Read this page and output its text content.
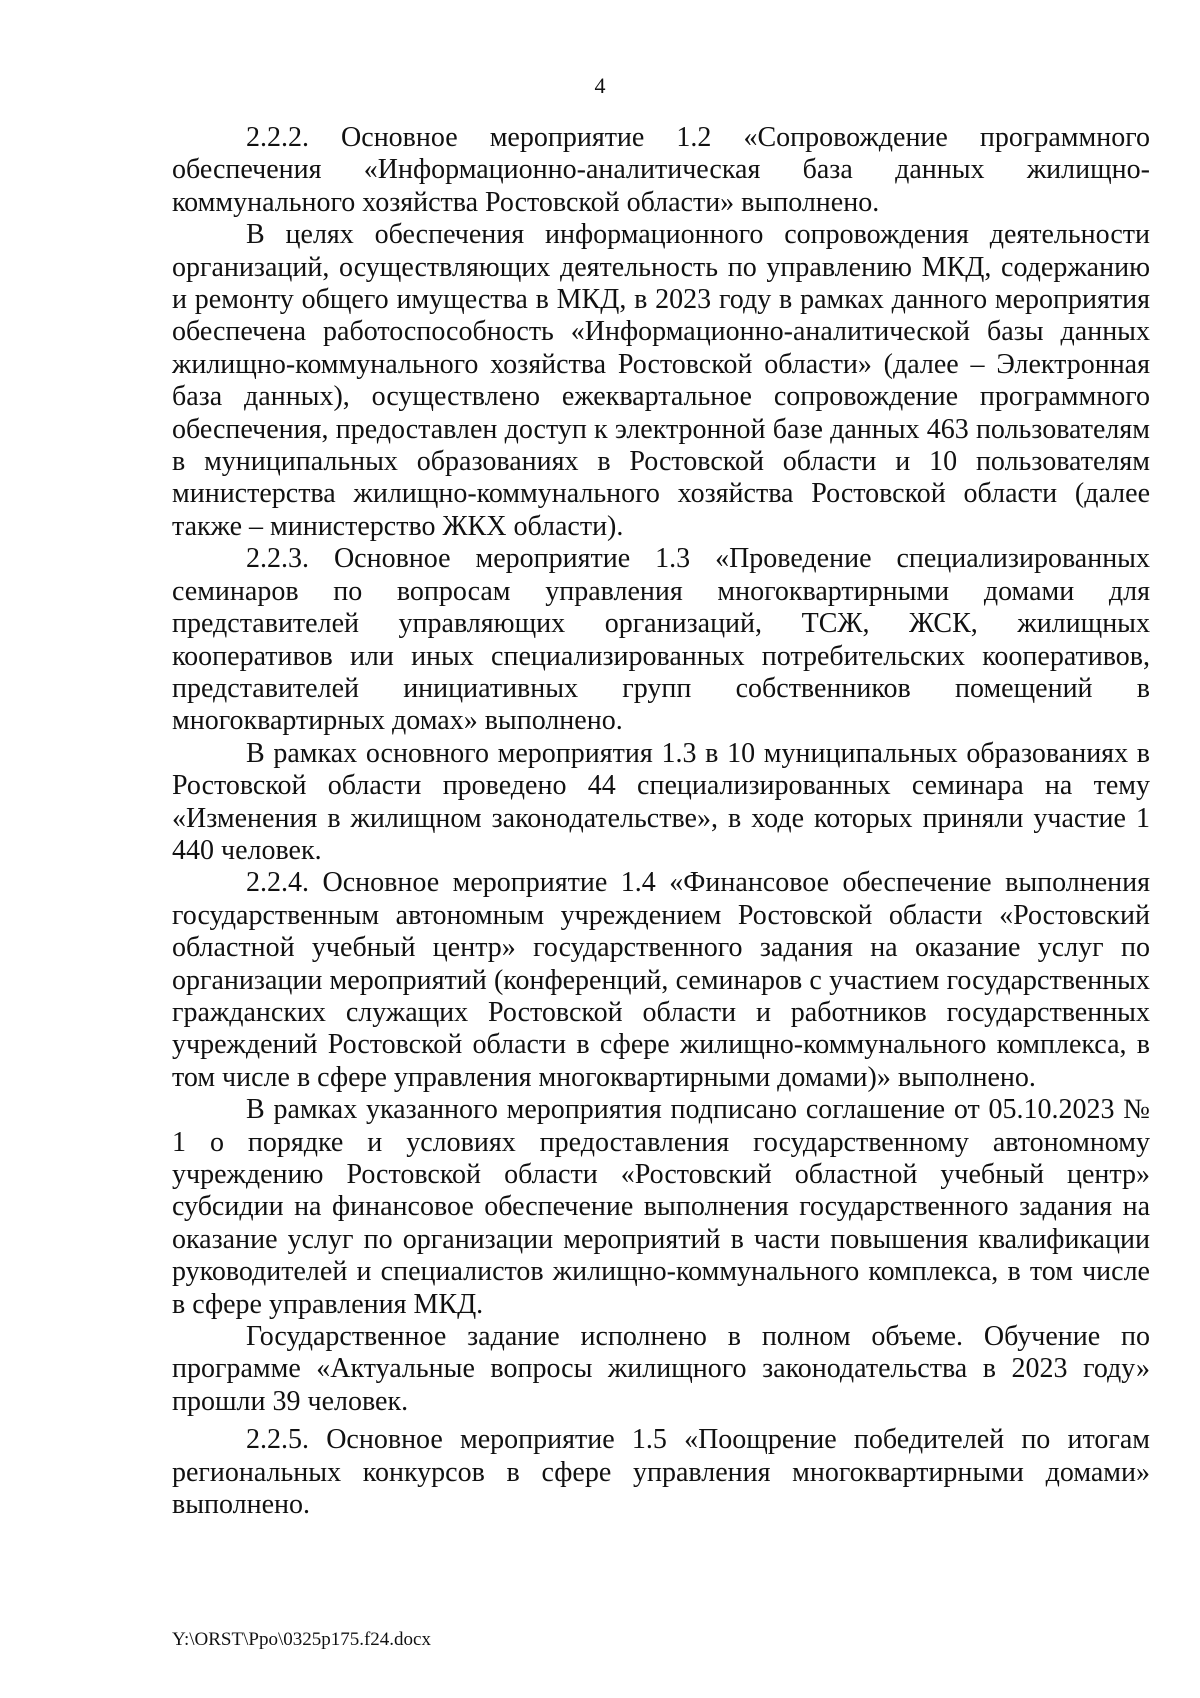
4

2.2.2. Основное мероприятие 1.2 «Сопровождение программного обеспечения «Информационно-аналитическая база данных жилищно-коммунального хозяйства Ростовской области» выполнено.

В целях обеспечения информационного сопровождения деятельности организаций, осуществляющих деятельность по управлению МКД, содержанию и ремонту общего имущества в МКД, в 2023 году в рамках данного мероприятия обеспечена работоспособность «Информационно-аналитической базы данных жилищно-коммунального хозяйства Ростовской области» (далее – Электронная база данных), осуществлено ежеквартальное сопровождение программного обеспечения, предоставлен доступ к электронной базе данных 463 пользователям в муниципальных образованиях в Ростовской области и 10 пользователям министерства жилищно-коммунального хозяйства Ростовской области (далее также – министерство ЖКХ области).

2.2.3. Основное мероприятие 1.3 «Проведение специализированных семинаров по вопросам управления многоквартирными домами для представителей управляющих организаций, ТСЖ, ЖСК, жилищных кооперативов или иных специализированных потребительских кооперативов, представителей инициативных групп собственников помещений в многоквартирных домах» выполнено.

В рамках основного мероприятия 1.3 в 10 муниципальных образованиях в Ростовской области проведено 44 специализированных семинара на тему «Изменения в жилищном законодательстве», в ходе которых приняли участие 1 440 человек.

2.2.4. Основное мероприятие 1.4 «Финансовое обеспечение выполнения государственным автономным учреждением Ростовской области «Ростовский областной учебный центр» государственного задания на оказание услуг по организации мероприятий (конференций, семинаров с участием государственных гражданских служащих Ростовской области и работников государственных учреждений Ростовской области в сфере жилищно-коммунального комплекса, в том числе в сфере управления многоквартирными домами)» выполнено.

В рамках указанного мероприятия подписано соглашение от 05.10.2023 № 1 о порядке и условиях предоставления государственному автономному учреждению Ростовской области «Ростовский областной учебный центр» субсидии на финансовое обеспечение выполнения государственного задания на оказание услуг по организации мероприятий в части повышения квалификации руководителей и специалистов жилищно-коммунального комплекса, в том числе в сфере управления МКД.

Государственное задание исполнено в полном объеме. Обучение по программе «Актуальные вопросы жилищного законодательства в 2023 году» прошли 39 человек.

2.2.5. Основное мероприятие 1.5 «Поощрение победителей по итогам региональных конкурсов в сфере управления многоквартирными домами» выполнено.

Y:\ORST\Ppo\0325p175.f24.docx
